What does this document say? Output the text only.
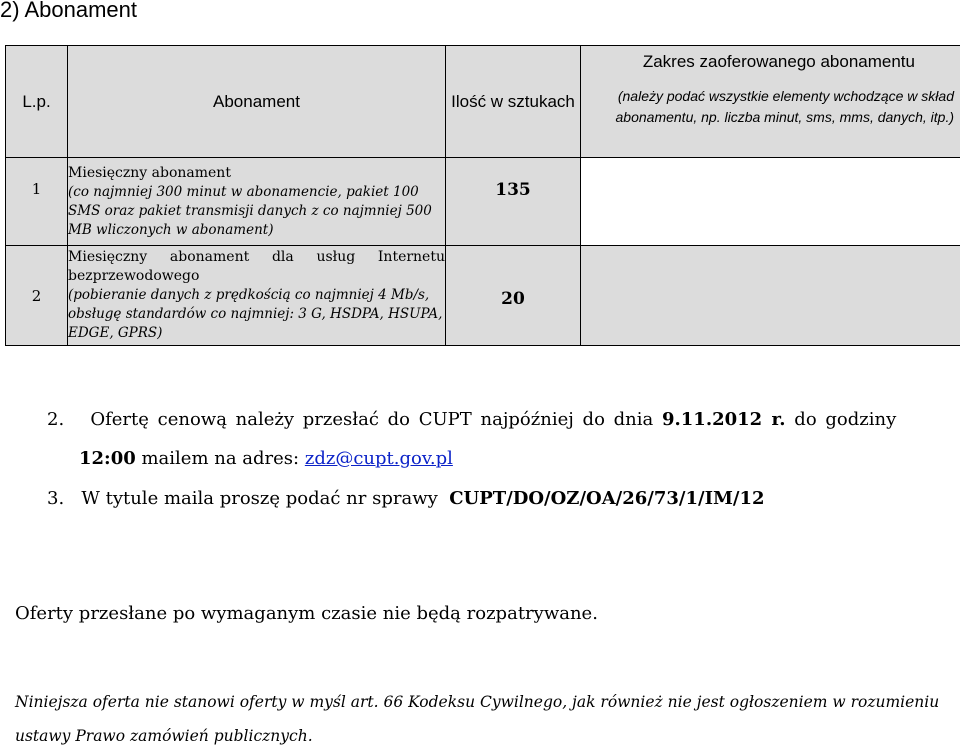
2) Abonament
L.p.	Abonament	Ilość w sztukach	Zakres zaoferowanego abonamentu
(należy podać wszystkie elementy wchodzące w skład abonamentu, np. liczba minut, sms, mms, danych, itp.)

1	Miesięczny abonament
(co najmniej 300 minut w abonamencie, pakiet 100 SMS oraz pakiet transmisji danych z co najmniej 500 MB wliczonych w abonament)	135	
2	Miesięczny abonament dla usług Internetu bezprzewodowego
(pobieranie danych z prędkością co najmniej 4 Mb/s, obsługę standardów co najmniej: 3 G, HSDPA, HSUPA, EDGE, GPRS)	20	
2. Ofertę cenową należy przesłać do CUPT najpóźniej do dnia 9.11.2012 r. do godziny
12:00 mailem na adres: zdz@cupt.gov.pl
3. W tytule maila proszę podać nr sprawy CUPT/DO/OZ/OA/26/73/1/IM/12
Oferty przesłane po wymaganym czasie nie będą rozpatrywane.
Niniejsza oferta nie stanowi oferty w myśl art. 66 Kodeksu Cywilnego, jak również nie jest ogłoszeniem w rozumieniu
ustawy Prawo zamówień publicznych.
